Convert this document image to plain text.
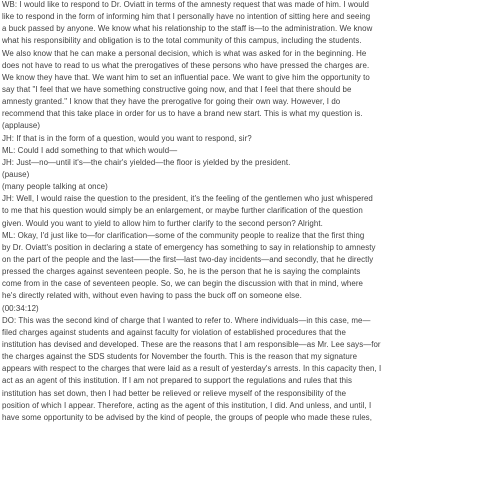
WB: I would like to respond to Dr. Oviatt in terms of the amnesty request that was made of him. I would
like to respond in the form of informing him that I personally have no intention of sitting here and seeing
a buck passed by anyone. We know what his relationship to the staff is—to the administration. We know
what his responsibility and obligation is to the total community of this campus, including the students.
We also know that he can make a personal decision, which is what was asked for in the beginning. He
does not have to read to us what the prerogatives of these persons who have pressed the charges are.
We know they have that. We want him to set an influential pace. We want to give him the opportunity to
say that "I feel that we have something constructive going now, and that I feel that there should be
amnesty granted." I know that they have the prerogative for going their own way. However, I do
recommend that this take place in order for us to have a brand new start. This is what my question is.
(applause)
JH: If that is in the form of a question, would you want to respond, sir?
ML: Could I add something to that which would—
JH: Just—no—until it's—the chair's yielded—the floor is yielded by the president.
(pause)
(many people talking at once)
JH: Well, I would raise the question to the president, it's the feeling of the gentlemen who just whispered
to me that his question would simply be an enlargement, or maybe further clarification of the question
given. Would you want to yield to allow him to further clarify to the second person? Alright.
ML: Okay, I'd just like to—for clarification—some of the community people to realize that the first thing
by Dr. Oviatt's position in declaring a state of emergency has something to say in relationship to amnesty
on the part of the people and the last——the first—last two-day incidents—and secondly, that he directly
pressed the charges against seventeen people. So, he is the person that he is saying the complaints
come from in the case of seventeen people. So, we can begin the discussion with that in mind, where
he's directly related with, without even having to pass the buck off on someone else.
(00:34:12)
DO: This was the second kind of charge that I wanted to refer to. Where individuals—in this case, me—
filed charges against students and against faculty for violation of established procedures that the
institution has devised and developed. These are the reasons that I am responsible—as Mr. Lee says—for
the charges against the SDS students for November the fourth. This is the reason that my signature
appears with respect to the charges that were laid as a result of yesterday's arrests. In this capacity then, I
act as an agent of this institution. If I am not prepared to support the regulations and rules that this
institution has set down, then I had better be relieved or relieve myself of the responsibility of the
position of which I appear. Therefore, acting as the agent of this institution, I did. And unless, and until, I
have some opportunity to be advised by the kind of people, the groups of people who made these rules,
